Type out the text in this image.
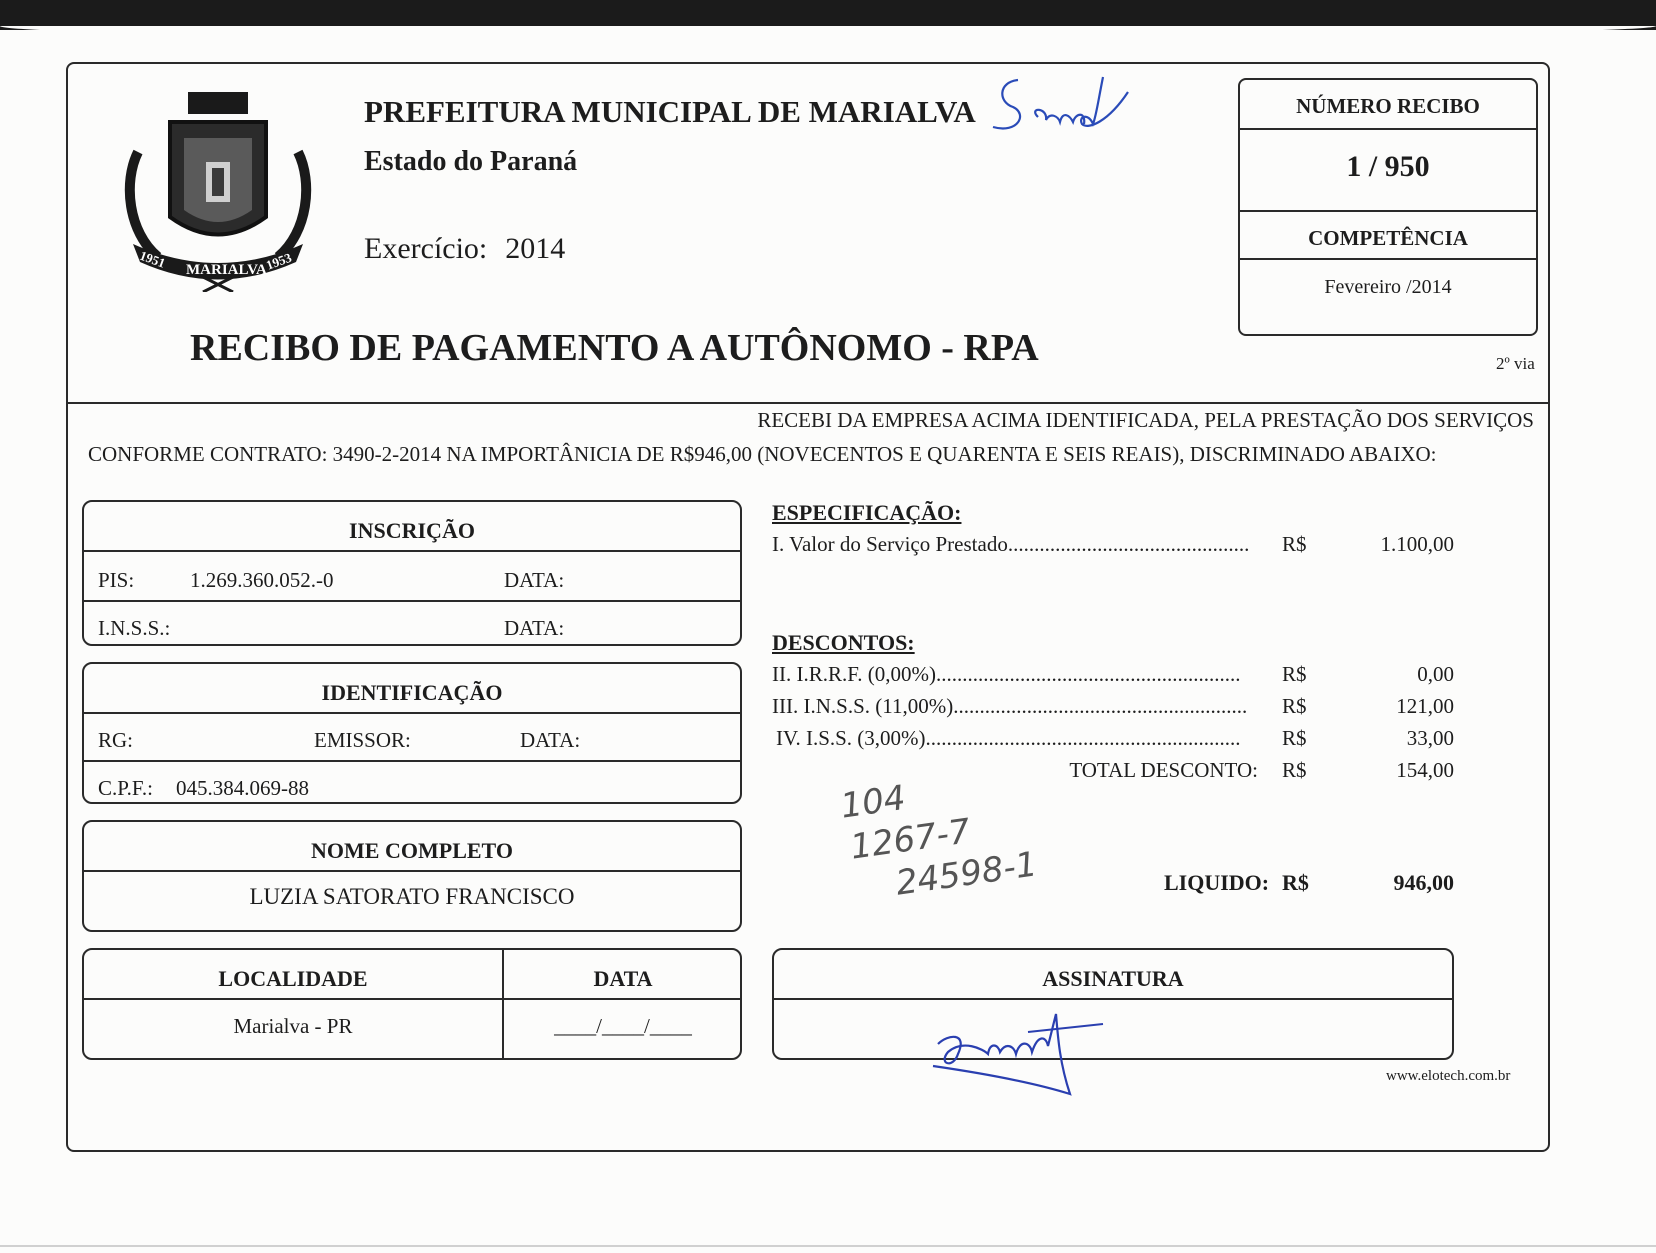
1951 MARIALVA
1953
PREFEITURA MUNICIPAL DE MARIALVA
Estado do Paraná
Exercício: 2014
RECIBO DE PAGAMENTO A AUTÔNOMO - RPA	2º via
NÚMERO RECIBO
1 / 950
COMPETÊNCIA
Fevereiro /2014
RECEBI DA EMPRESA ACIMA IDENTIFICADA, PELA PRESTAÇÃO DOS SERVIÇOS
CONFORME CONTRATO: 3490-2-2014 NA IMPORTÂNICIA DE R$946,00 (NOVECENTOS E QUARENTA E SEIS REAIS), DISCRIMINADO ABAIXO:
INSCRIÇÃO
PIS:	1.269.360.052.-0	DATA:
I.N.S.S.:	DATA:
IDENTIFICAÇÃO
RG:	EMISSOR:	DATA:
C.P.F.: 045.384.069-88
NOME COMPLETO
LUZIA SATORATO FRANCISCO
LOCALIDADE	DATA
Marialva - PR	____/____/____
ESPECIFICAÇÃO:
I. Valor do Serviço Prestado.............................................. R$	1.100,00
DESCONTOS:
II. I.R.R.F. (0,00%).......................................................... R$	0,00
III. I.N.S.S. (11,00%)........................................................ R$	121,00
IV. I.S.S. (3,00%)............................................................ R$	33,00
TOTAL DESCONTO: R$	154,00
LIQUIDO: R$	946,00
104
1267-7
24598-1
ASSINATURA
www.elotech.com.br
